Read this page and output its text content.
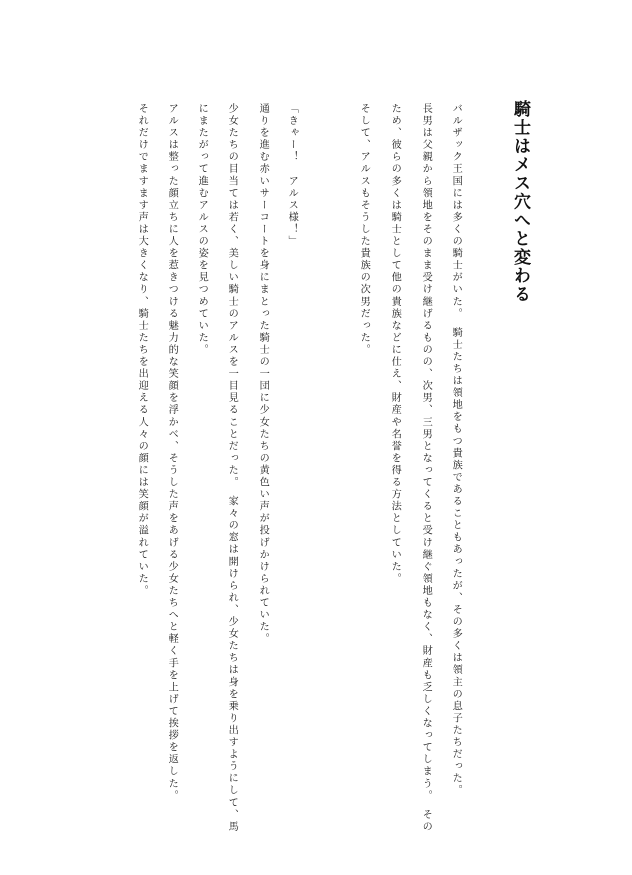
騎士はメス穴へと変わる
バルザック王国には多くの騎士がいた。　騎士たちは領地をもつ貴族であることもあったが、その多くは領主の息子たちだった。
長男は父親から領地をそのまま受け継げるものの、次男、三男となってくると受け継ぐ領地もなく、財産も乏しくなってしまう。　その
ため、彼らの多くは騎士として他の貴族などに仕え、財産や名誉を得る方法としていた。
そして、アルスもそうした貴族の次男だった。
「きゃー！　アルス様！」
通りを進む赤いサーコートを身にまとった騎士の一団に少女たちの黄色い声が投げかけられていた。
少女たちの目当ては若く、美しい騎士のアルスを一目見ることだった。　家々の窓は開けられ、少女たちは身を乗り出すようにして、馬
にまたがって進むアルスの姿を見つめていた。
アルスは整った顔立ちに人を惹きつける魅力的な笑顔を浮かべ、そうした声をあげる少女たちへと軽く手を上げて挨拶を返した。
それだけでますます声は大きくなり、騎士たちを出迎える人々の顔には笑顔が溢れていた。
